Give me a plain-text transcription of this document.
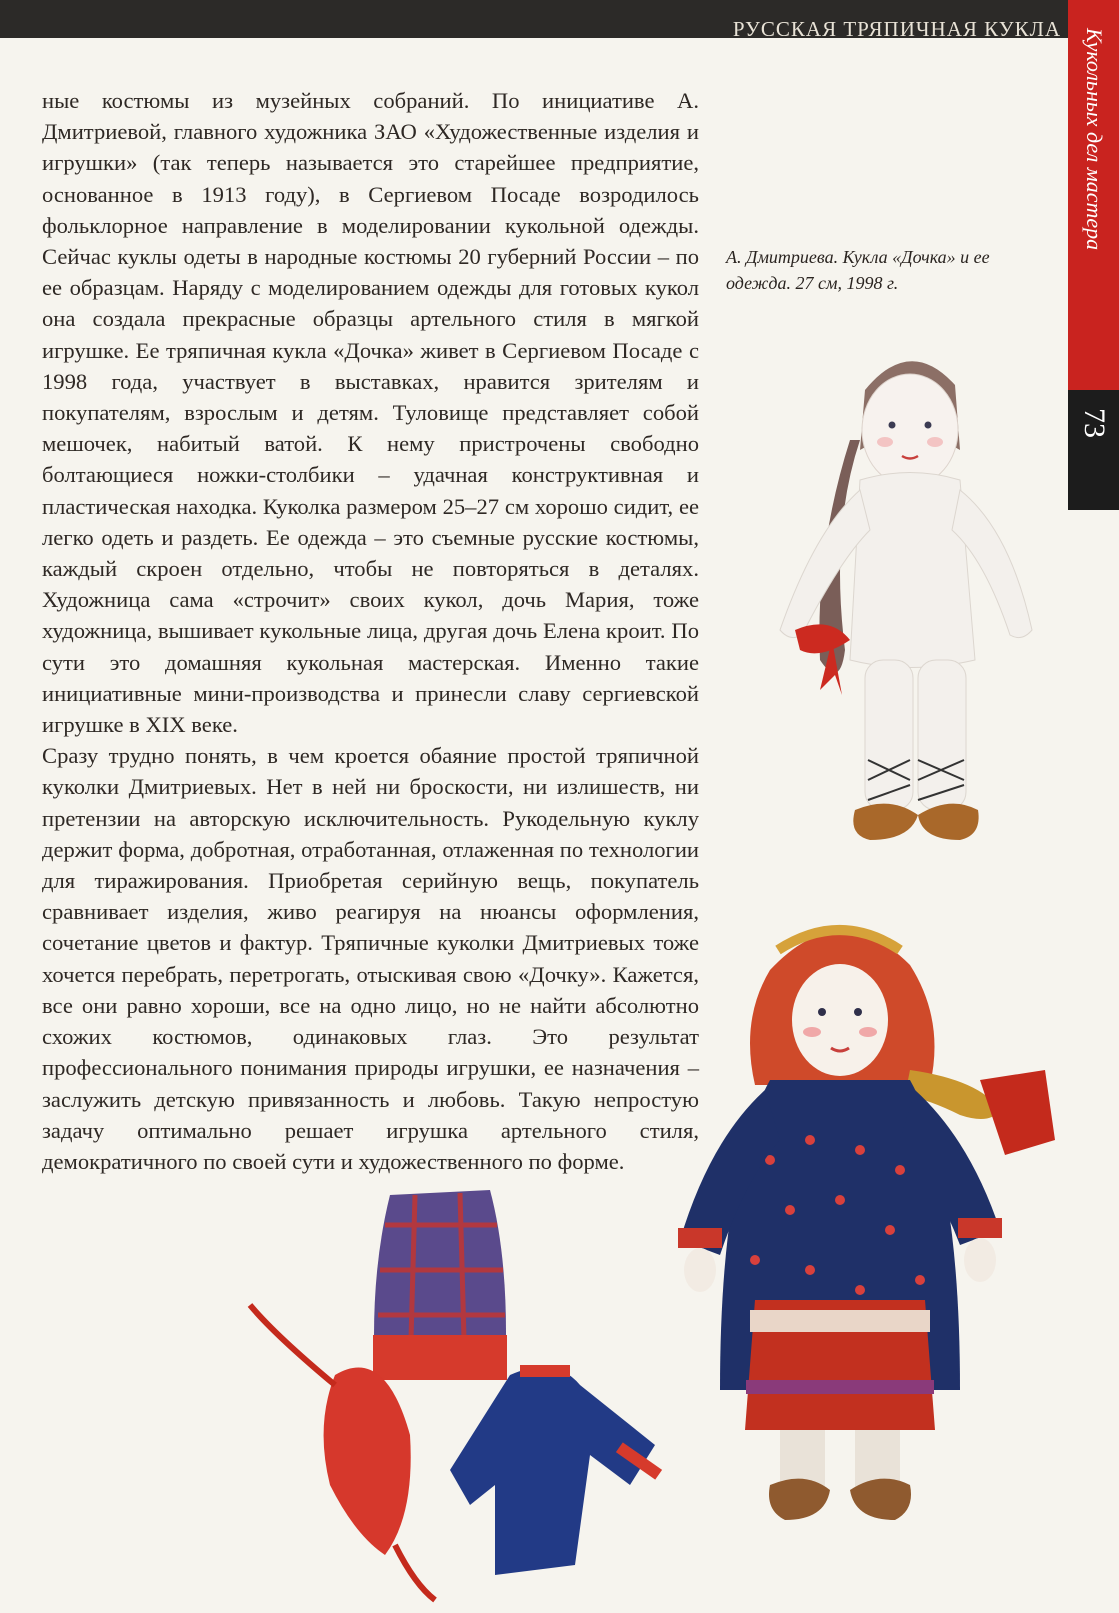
РУССКАЯ ТРЯПИЧНАЯ КУКЛА Кукольных дел мастера
73

ные костюмы из музейных собраний. По инициативе А. Дмитриевой, главного художника ЗАО «Художественные изделия и игрушки» (так теперь называется это старейшее предприятие, основанное в 1913 году), в Сергиевом Посаде возродилось фольклорное направление в моделировании кукольной одежды. Сейчас куклы одеты в народные костюмы 20 губерний России – по ее образцам. Наряду с моделированием одежды для готовых кукол она создала прекрасные образцы артельного стиля в мягкой игрушке. Ее тряпичная кукла «Дочка» живет в Сергиевом Посаде с 1998 года, участвует в выставках, нравится зрителям и покупателям, взрослым и детям. Туловище представляет собой мешочек, набитый ватой. К нему пристрочены свободно болтающиеся ножки-столбики – удачная конструктивная и пластическая находка. Куколка размером 25–27 см хорошо сидит, ее легко одеть и раздеть. Ее одежда – это съемные русские костюмы, каждый скроен отдельно, чтобы не повторяться в деталях. Художница сама «строчит» своих кукол, дочь Мария, тоже художница, вышивает кукольные лица, другая дочь Елена кроит. По сути это домашняя кукольная мастерская. Именно такие инициативные мини-производства и принесли славу сергиевской игрушке в XIX веке.

Сразу трудно понять, в чем кроется обаяние простой тряпичной куколки Дмитриевых. Нет в ней ни броскости, ни излишеств, ни претензии на авторскую исключительность. Рукодельную куклу держит форма, добротная, отработанная, отлаженная по технологии для тиражирования. Приобретая серийную вещь, покупатель сравнивает изделия, живо реагируя на нюансы оформления, сочетание цветов и фактур. Тряпичные куколки Дмитриевых тоже хочется перебрать, перетрогать, отыскивая свою «Дочку». Кажется, все они равно хороши, все на одно лицо, но не найти абсолютно схожих костюмов, одинаковых глаз. Это результат профессионального понимания природы игрушки, ее назначения – заслужить детскую привязанность и любовь. Такую непростую задачу оптимально решает игрушка артельного стиля, демократичного по своей сути и художественного по форме.

А. Дмитриева. Кукла «Дочка» и ее одежда. 27 см, 1998 г.
